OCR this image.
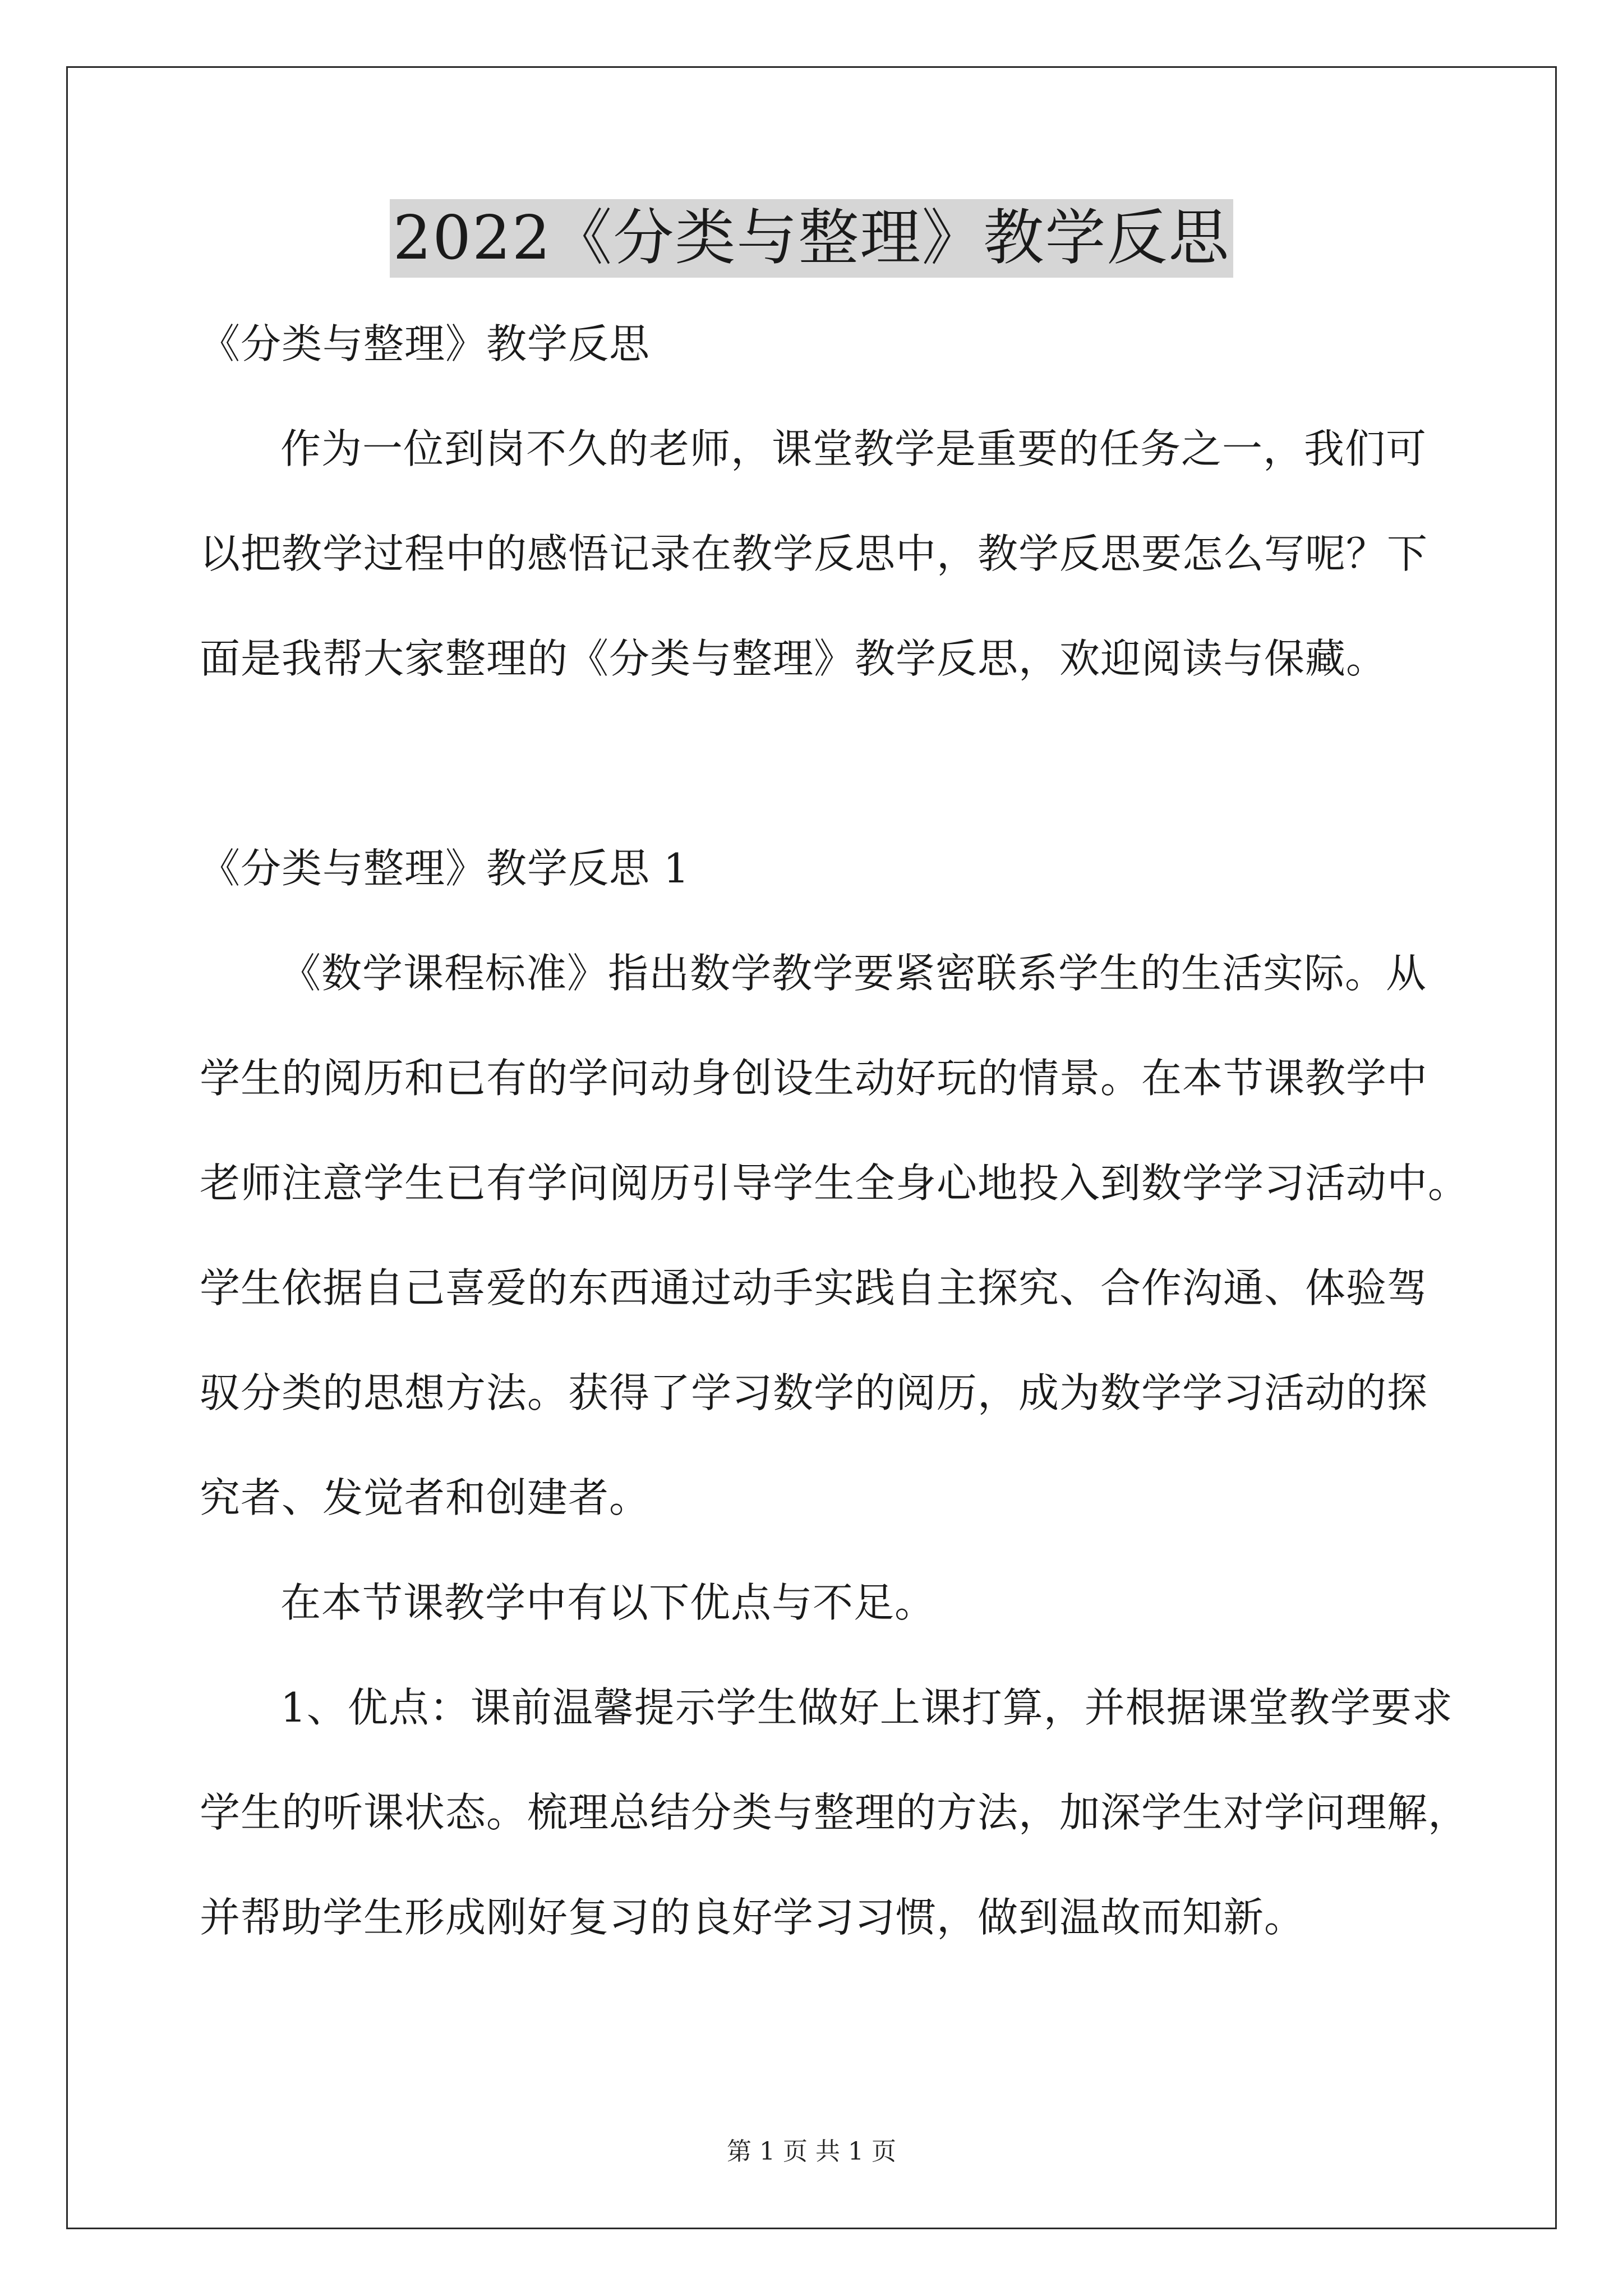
2022《分类与整理》教学反思
《分类与整理》教学反思
作为一位到岗不久的老师，课堂教学是重要的任务之一，我们可
以把教学过程中的感悟记录在教学反思中，教学反思要怎么写呢？下
面是我帮大家整理的《分类与整理》教学反思，欢迎阅读与保藏。
《分类与整理》教学反思 1
《数学课程标准》指出数学教学要紧密联系学生的生活实际。从
学生的阅历和已有的学问动身创设生动好玩的情景。在本节课教学中
老师注意学生已有学问阅历引导学生全身心地投入到数学学习活动中。
学生依据自己喜爱的东西通过动手实践自主探究、合作沟通、体验驾
驭分类的思想方法。获得了学习数学的阅历，成为数学学习活动的探
究者、发觉者和创建者。
在本节课教学中有以下优点与不足。
1、优点：课前温馨提示学生做好上课打算，并根据课堂教学要求
学生的听课状态。梳理总结分类与整理的方法，加深学生对学问理解，
并帮助学生形成刚好复习的良好学习习惯，做到温故而知新。
第 1 页 共 1 页
